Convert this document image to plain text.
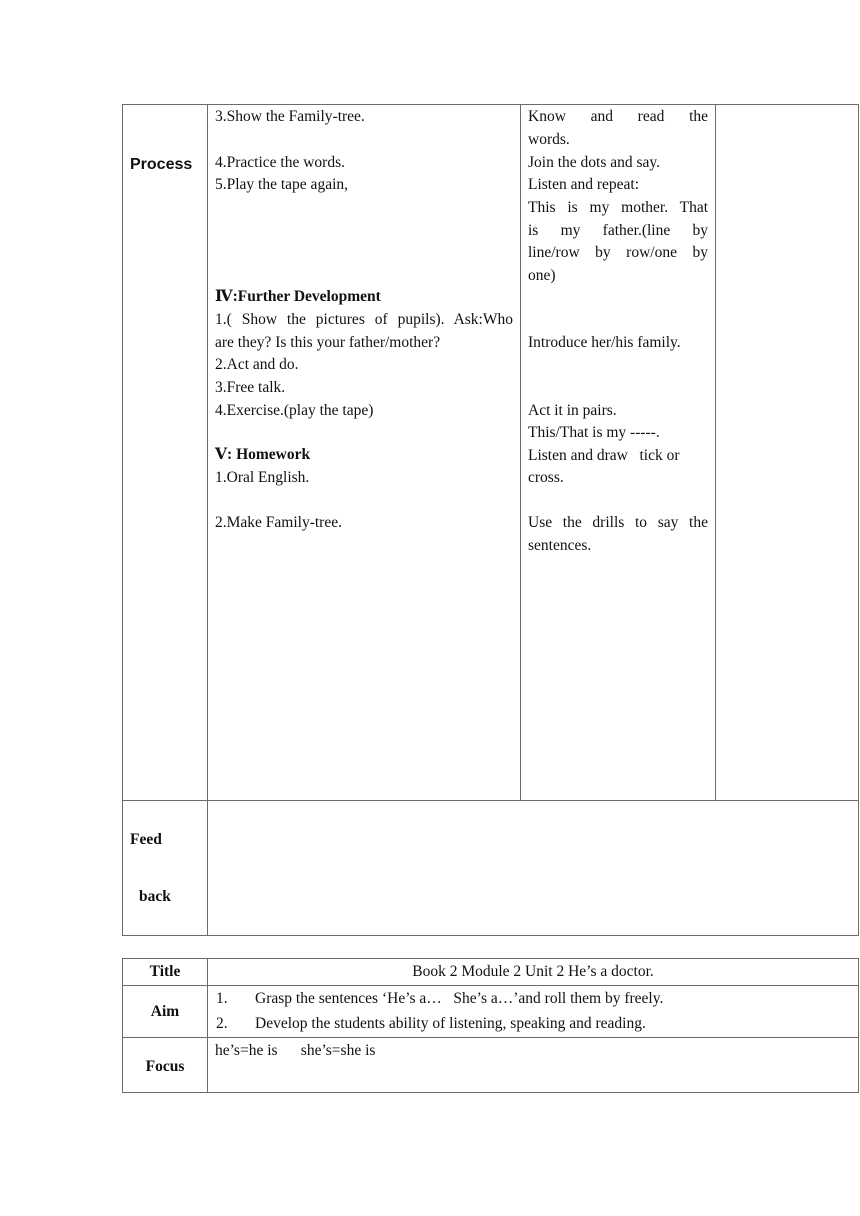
Process
3.Show the Family-tree.
4.Practice the words.
5.Play the tape again,
Ⅳ:Further Development
1.( Show the pictures of pupils). Ask:Who
are they? Is this your father/mother?
2.Act and do.
3.Free talk.
4.Exercise.(play the tape)
Ⅴ: Homework
1.Oral English.
2.Make Family-tree.
Know and read the
words.
Join the dots and say.
Listen and repeat:
This is my mother. That
is my father.(line by
line/row by row/one by
one)
Introduce her/his family.
Act it in pairs.
This/That is my -----.
Listen and draw   tick or
cross.
Use the drills to say the
sentences.
Feed
back
Title	Book 2 Module 2 Unit 2 He’s a doctor.
Aim
1. Grasp the sentences ‘He’s a…   She’s a…’and roll them by freely.
2. Develop the students ability of listening, speaking and reading.
Focus
he’s=he is      she’s=she is
